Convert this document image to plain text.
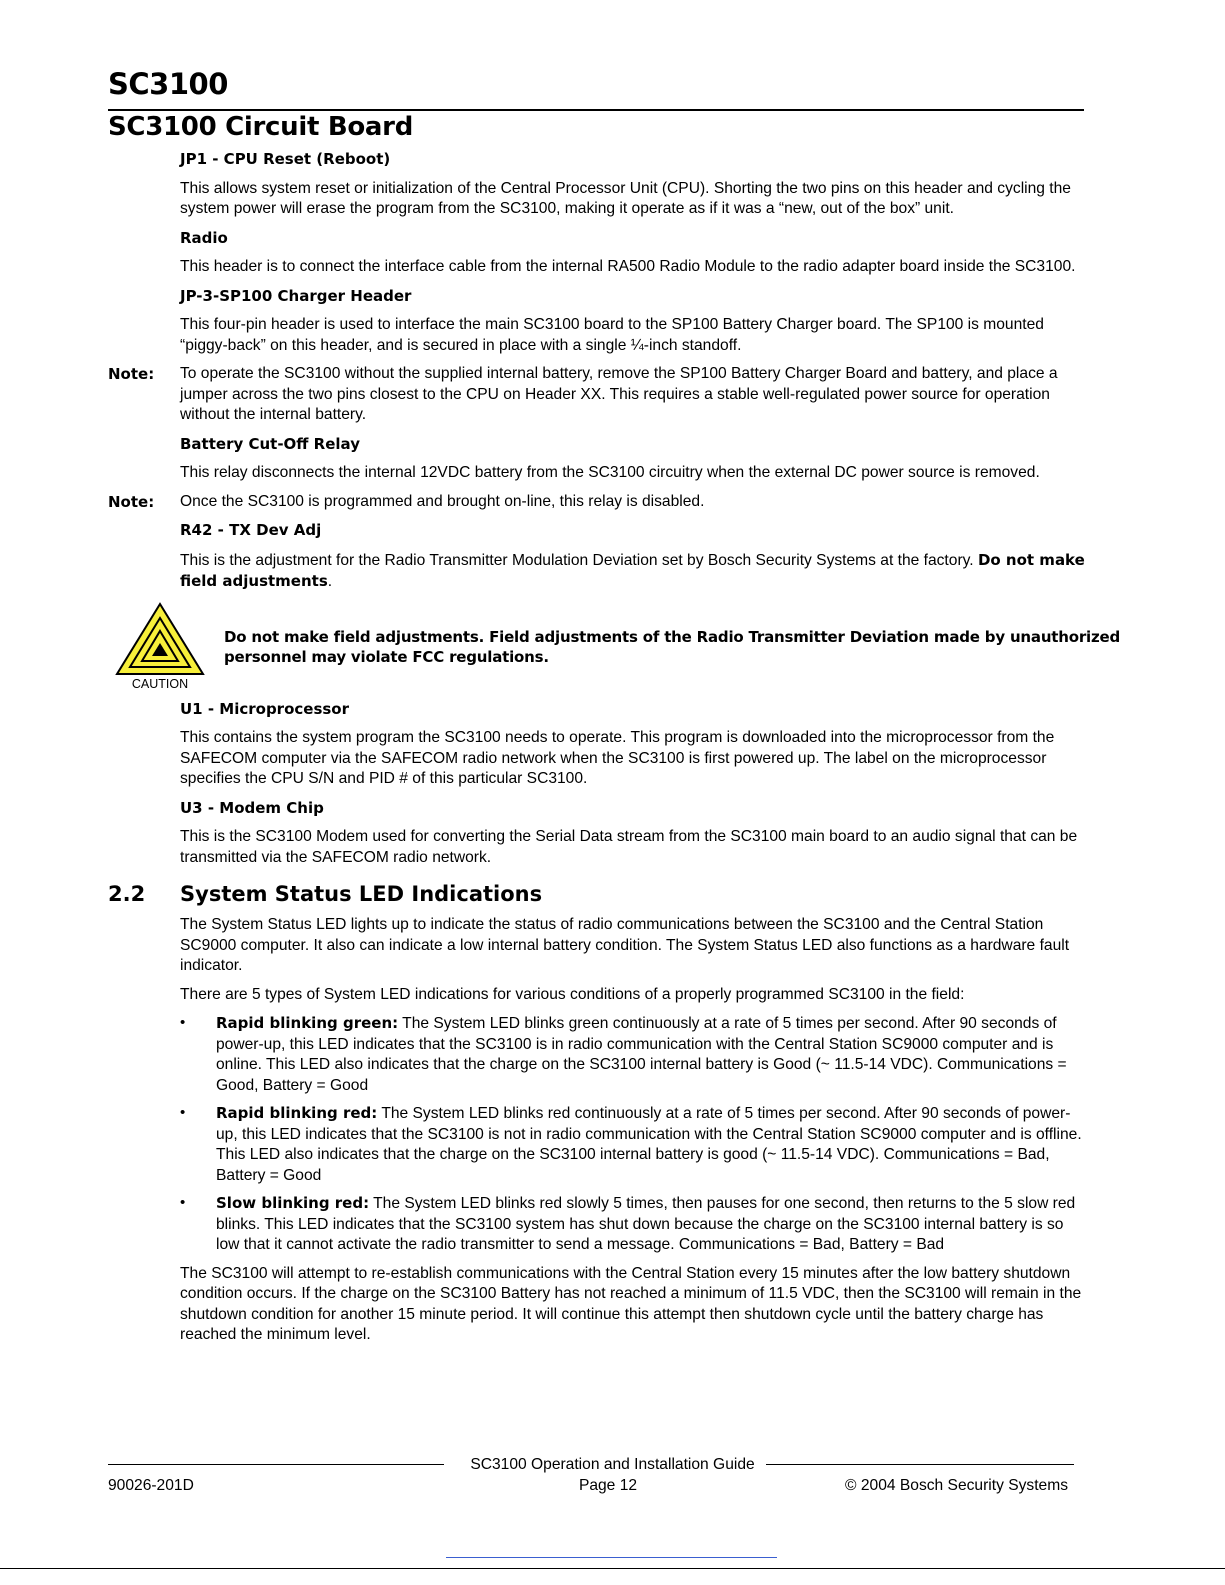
SC3100
SC3100 Circuit Board
JP1 - CPU Reset (Reboot)

This allows system reset or initialization of the Central Processor Unit (CPU). Shorting the two pins on this header and cycling the system power will erase the program from the SC3100, making it operate as if it was a “new, out of the box” unit.

Radio

This header is to connect the interface cable from the internal RA500 Radio Module to the radio adapter board inside the SC3100.

JP-3-SP100 Charger Header

This four-pin header is used to interface the main SC3100 board to the SP100 Battery Charger board. The SP100 is mounted “piggy-back” on this header, and is secured in place with a single ¼-inch standoff.

Note:	To operate the SC3100 without the supplied internal battery, remove the SP100 Battery Charger Board and battery, and place a jumper across the two pins closest to the CPU on Header XX. This requires a stable well-regulated power source for operation without the internal battery.
Battery Cut-Off Relay

This relay disconnects the internal 12VDC battery from the SC3100 circuitry when the external DC power source is removed.

Note:	Once the SC3100 is programmed and brought on-line, this relay is disabled.
R42 - TX Dev Adj

This is the adjustment for the Radio Transmitter Modulation Deviation set by Bosch Security Systems at the factory. Do not make field adjustments.

CAUTION
Do not make field adjustments. Field adjustments of the Radio Transmitter Deviation made by unauthorized personnel may violate FCC regulations.
U1 - Microprocessor

This contains the system program the SC3100 needs to operate. This program is downloaded into the microprocessor from the SAFECOM computer via the SAFECOM radio network when the SC3100 is first powered up. The label on the microprocessor specifies the CPU S/N and PID # of this particular SC3100.

U3 - Modem Chip

This is the SC3100 Modem used for converting the Serial Data stream from the SC3100 main board to an audio signal that can be transmitted via the SAFECOM radio network.

2.2	System Status LED Indications

The System Status LED lights up to indicate the status of radio communications between the SC3100 and the Central Station SC9000 computer. It also can indicate a low internal battery condition. The System Status LED also functions as a hardware fault indicator.

There are 5 types of System LED indications for various conditions of a properly programmed SC3100 in the field:

•	Rapid blinking green: The System LED blinks green continuously at a rate of 5 times per second. After 90 seconds of power-up, this LED indicates that the SC3100 is in radio communication with the Central Station SC9000 computer and is online. This LED also indicates that the charge on the SC3100 internal battery is Good (~ 11.5-14 VDC). Communications = Good, Battery = Good
•	Rapid blinking red: The System LED blinks red continuously at a rate of 5 times per second. After 90 seconds of power-up, this LED indicates that the SC3100 is not in radio communication with the Central Station SC9000 computer and is offline. This LED also indicates that the charge on the SC3100 internal battery is good (~ 11.5-14 VDC). Communications = Bad, Battery = Good
•	Slow blinking red: The System LED blinks red slowly 5 times, then pauses for one second, then returns to the 5 slow red blinks. This LED indicates that the SC3100 system has shut down because the charge on the SC3100 internal battery is so low that it cannot activate the radio transmitter to send a message. Communications = Bad, Battery = Bad

The SC3100 will attempt to re-establish communications with the Central Station every 15 minutes after the low battery shutdown condition occurs. If the charge on the SC3100 Battery has not reached a minimum of 11.5 VDC, then the SC3100 will remain in the shutdown condition for another 15 minute period. It will continue this attempt then shutdown cycle until the battery charge has reached the minimum level.

SC3100 Operation and Installation Guide
90026-201D	Page 12	© 2004 Bosch Security Systems
